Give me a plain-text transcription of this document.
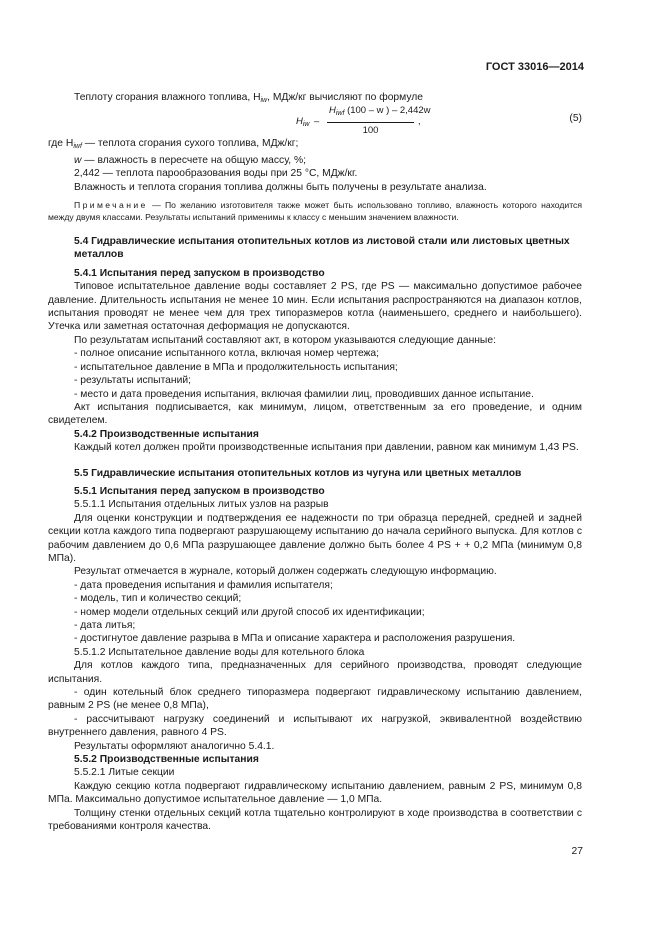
ГОСТ 33016—2014

Теплоту сгорания влажного топлива, $H_{iw}$, МДж/кг вычисляют по формуле

$H_{iw}$ –
$H_{iwf}$ (100 – w ) – 2,442w
100
,	(5)

где $H_{iwf}$ — теплота сгорания сухого топлива, МДж/кг;

w — влажность в пересчете на общую массу, %;

2,442 — теплота парообразования воды при 25 °С, МДж/кг.

Влажность и теплота сгорания топлива должны быть получены в результате анализа.

Примечание — По желанию изготовителя также может быть использовано топливо, влажность которого находится между двумя классами. Результаты испытаний применимы к классу с меньшим значением влажности.

5.4 Гидравлические испытания отопительных котлов из листовой стали или листовых цветных металлов

5.4.1 Испытания перед запуском в производство

Типовое испытательное давление воды составляет 2 PS, где PS — максимально допустимое рабочее давление. Длительность испытания не менее 10 мин. Если испытания распространяются на диапазон котлов, испытания проводят не менее чем для трех типоразмеров котла (наименьшего, среднего и наибольшего). Утечка или заметная остаточная деформация не допускаются.

По результатам испытаний составляют акт, в котором указываются следующие данные:

- полное описание испытанного котла, включая номер чертежа;

- испытательное давление в МПа и продолжительность испытания;

- результаты испытаний;

- место и дата проведения испытания, включая фамилии лиц, проводивших данное испытание.

Акт испытания подписывается, как минимум, лицом, ответственным за его проведение, и одним свидетелем.

5.4.2 Производственные испытания

Каждый котел должен пройти производственные испытания при давлении, равном как минимум 1,43 PS.

5.5 Гидравлические испытания отопительных котлов из чугуна или цветных металлов

5.5.1 Испытания перед запуском в производство

5.5.1.1 Испытания отдельных литых узлов на разрыв

Для оценки конструкции и подтверждения ее надежности по три образца передней, средней и задней секции котла каждого типа подвергают разрушающему испытанию до начала серийного выпуска. Для котлов с рабочим давлением до 0,6 МПа разрушающее давление должно быть более 4 PS + + 0,2 МПа (минимум 0,8 МПа).

Результат отмечается в журнале, который должен содержать следующую информацию.

- дата проведения испытания и фамилия испытателя;

- модель, тип и количество секций;

- номер модели отдельных секций или другой способ их идентификации;

- дата литья;

- достигнутое давление разрыва в МПа и описание характера и расположения разрушения.

5.5.1.2 Испытательное давление воды для котельного блока

Для котлов каждого типа, предназначенных для серийного производства, проводят следующие испытания.

- один котельный блок среднего типоразмера подвергают гидравлическому испытанию давлением, равным 2 PS (не менее 0,8 МПа),

- рассчитывают нагрузку соединений и испытывают их нагрузкой, эквивалентной воздействию внутреннего давления, равного 4 PS.

Результаты оформляют аналогично 5.4.1.

5.5.2 Производственные испытания

5.5.2.1 Литые секции

Каждую секцию котла подвергают гидравлическому испытанию давлением, равным 2 PS, минимум 0,8 МПа. Максимально допустимое испытательное давление — 1,0 МПа.

Толщину стенки отдельных секций котла тщательно контролируют в ходе производства в соответствии с требованиями контроля качества.

27
